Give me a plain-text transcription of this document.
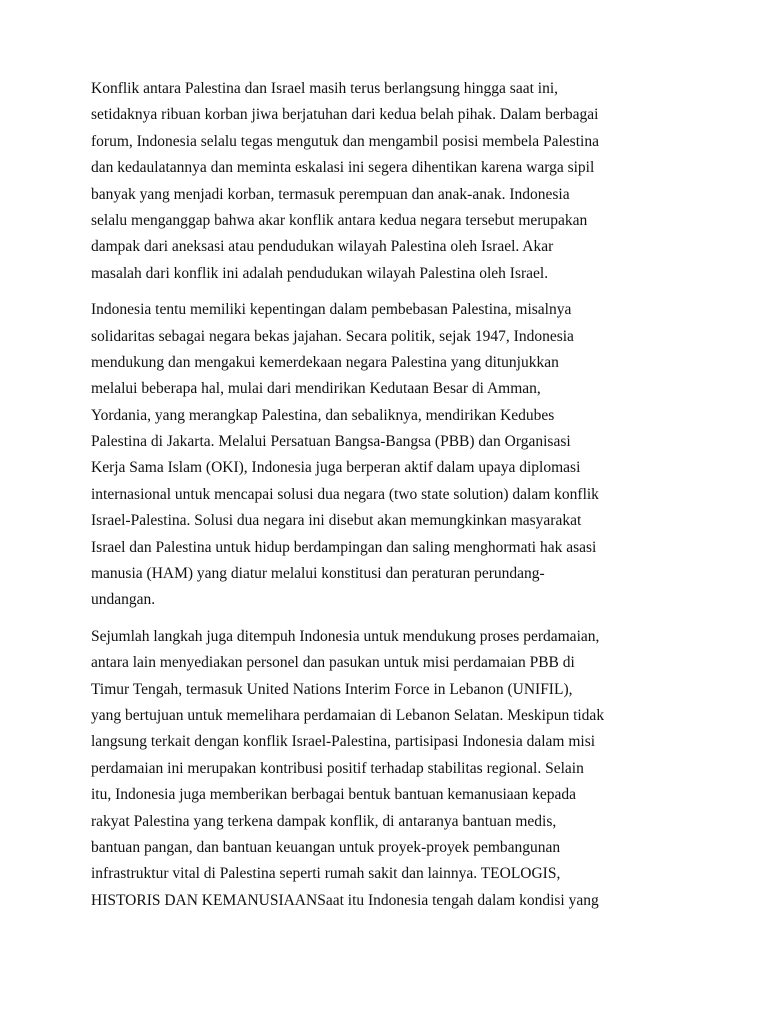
Konflik antara Palestina dan Israel masih terus berlangsung hingga saat ini,
setidaknya ribuan korban jiwa berjatuhan dari kedua belah pihak. Dalam berbagai
forum, Indonesia selalu tegas mengutuk dan mengambil posisi membela Palestina
dan kedaulatannya dan meminta eskalasi ini segera dihentikan karena warga sipil
banyak yang menjadi korban, termasuk perempuan dan anak-anak. Indonesia
selalu menganggap bahwa akar konflik antara kedua negara tersebut merupakan
dampak dari aneksasi atau pendudukan wilayah Palestina oleh Israel. Akar
masalah dari konflik ini adalah pendudukan wilayah Palestina oleh Israel.

Indonesia tentu memiliki kepentingan dalam pembebasan Palestina, misalnya
solidaritas sebagai negara bekas jajahan. Secara politik, sejak 1947, Indonesia
mendukung dan mengakui kemerdekaan negara Palestina yang ditunjukkan
melalui beberapa hal, mulai dari mendirikan Kedutaan Besar di Amman,
Yordania, yang merangkap Palestina, dan sebaliknya, mendirikan Kedubes
Palestina di Jakarta. Melalui Persatuan Bangsa-Bangsa (PBB) dan Organisasi
Kerja Sama Islam (OKI), Indonesia juga berperan aktif dalam upaya diplomasi
internasional untuk mencapai solusi dua negara (two state solution) dalam konflik
Israel-Palestina. Solusi dua negara ini disebut akan memungkinkan masyarakat
Israel dan Palestina untuk hidup berdampingan dan saling menghormati hak asasi
manusia (HAM) yang diatur melalui konstitusi dan peraturan perundang-
undangan.

Sejumlah langkah juga ditempuh Indonesia untuk mendukung proses perdamaian,
antara lain menyediakan personel dan pasukan untuk misi perdamaian PBB di
Timur Tengah, termasuk United Nations Interim Force in Lebanon (UNIFIL),
yang bertujuan untuk memelihara perdamaian di Lebanon Selatan. Meskipun tidak
langsung terkait dengan konflik Israel-Palestina, partisipasi Indonesia dalam misi
perdamaian ini merupakan kontribusi positif terhadap stabilitas regional. Selain
itu, Indonesia juga memberikan berbagai bentuk bantuan kemanusiaan kepada
rakyat Palestina yang terkena dampak konflik, di antaranya bantuan medis,
bantuan pangan, dan bantuan keuangan untuk proyek-proyek pembangunan
infrastruktur vital di Palestina seperti rumah sakit dan lainnya. TEOLOGIS,
HISTORIS DAN KEMANUSIAANSaat itu Indonesia tengah dalam kondisi yang
